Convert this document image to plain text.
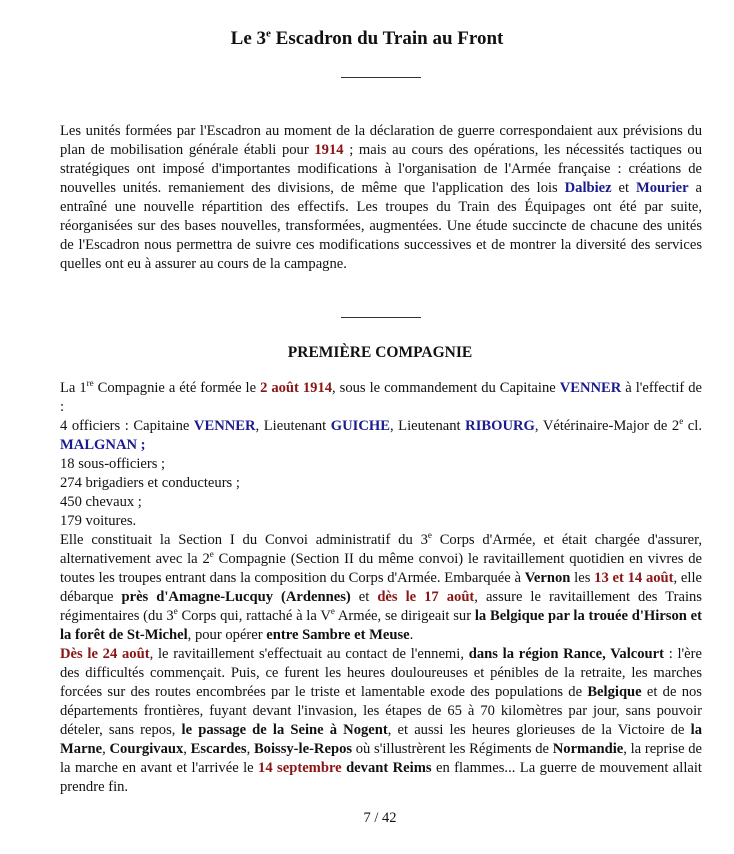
Le 3e Escadron du Train au Front
Les unités formées par l'Escadron au moment de la déclaration de guerre correspondaient aux prévisions du plan de mobilisation générale établi pour 1914 ; mais au cours des opérations, les nécessités tactiques ou stratégiques ont imposé d'importantes modifications à l'organisation de l'Armée française : créations de nouvelles unités. remaniement des divisions, de même que l'application des lois Dalbiez et Mourier a entraîné une nouvelle répartition des effectifs. Les troupes du Train des Équipages ont été par suite, réorganisées sur des bases nouvelles, transformées, augmentées. Une étude succincte de chacune des unités de l'Escadron nous permettra de suivre ces modifications successives et de montrer la diversité des services quelles ont eu à assurer au cours de la campagne.
PREMIÈRE COMPAGNIE
La 1re Compagnie a été formée le 2 août 1914, sous le commandement du Capitaine VENNER à l'effectif de :
4 officiers : Capitaine VENNER, Lieutenant GUICHE, Lieutenant RIBOURG, Vétérinaire-Major de 2e cl. MALGNAN ;
18 sous-officiers ;
274 brigadiers et conducteurs ;
450 chevaux ;
179 voitures.
Elle constituait la Section I du Convoi administratif du 3e Corps d'Armée, et était chargée d'assurer, alternativement avec la 2e Compagnie (Section II du même convoi) le ravitaillement quotidien en vivres de toutes les troupes entrant dans la composition du Corps d'Armée. Embarquée à Vernon les 13 et 14 août, elle débarque près d'Amagne-Lucquy (Ardennes) et dès le 17 août, assure le ravitaillement des Trains régimentaires (du 3e Corps qui, rattaché à la Ve Armée, se dirigeait sur la Belgique par la trouée d'Hirson et la forêt de St-Michel, pour opérer entre Sambre et Meuse.
Dès le 24 août, le ravitaillement s'effectuait au contact de l'ennemi, dans la région Rance, Valcourt : l'ère des difficultés commençait. Puis, ce furent les heures douloureuses et pénibles de la retraite, les marches forcées sur des routes encombrées par le triste et lamentable exode des populations de Belgique et de nos départements frontières, fuyant devant l'invasion, les étapes de 65 à 70 kilomètres par jour, sans pouvoir dételer, sans repos, le passage de la Seine à Nogent, et aussi les heures glorieuses de la Victoire de la Marne, Courgivaux, Escardes, Boissy-le-Repos où s'illustrèrent les Régiments de Normandie, la reprise de la marche en avant et l'arrivée le 14 septembre devant Reims en flammes... La guerre de mouvement allait prendre fin.
7 / 42
